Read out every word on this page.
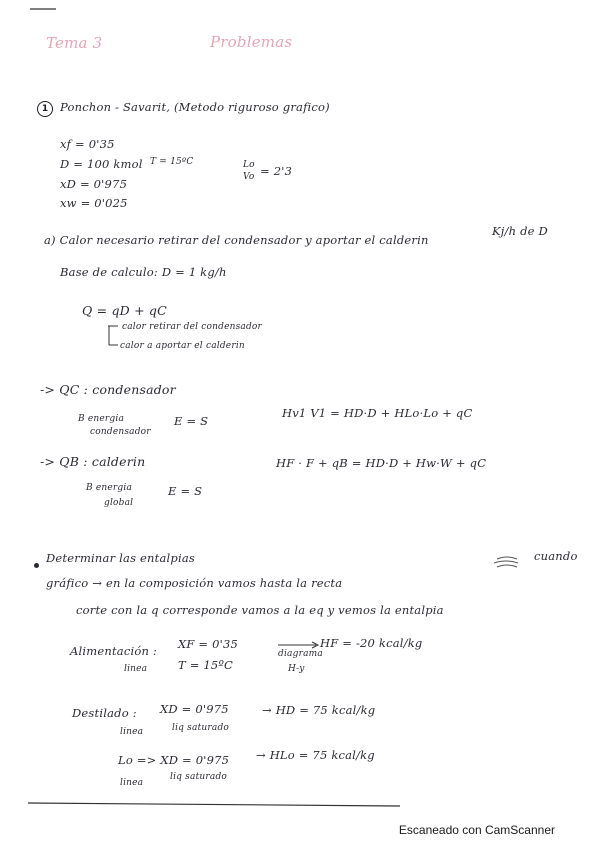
Tema 3	Problemas
1	Ponchon - Savarit, (Metodo riguroso grafico)
xf = 0'35
D = 100 kmol T = 15ºC	Lo
Vo = 2'3
xD = 0'975
xw = 0'025
a) Calor necesario retirar del condensador y aportar el calderin
Kj/h de D
Base de calculo: D = 1 kg/h
Q = qD + qC
calor retirar del condensador
calor a aportar el calderin
-> QC : condensador
B energia
condensador
E = S
Hv1 V1 = HD·D + HLo·Lo + qC
-> QB : calderin
B energia
global
E = S
HF · F + qB = HD·D + Hw·W + qC
Determinar las entalpias	cuando
gráfico → en la composición vamos hasta la recta
corte con la q corresponde vamos a la eq y vemos la entalpia
Alimentación : XF = 0'35
linea	T = 15ºC
diagrama
H-y
HF = -20 kcal/kg
Destilado : XD = 0'975
linea	liq saturado
→ HD = 75 kcal/kg
Lo => XD = 0'975
linea
liq saturado
→ HLo = 75 kcal/kg
Escaneado con CamScanner
